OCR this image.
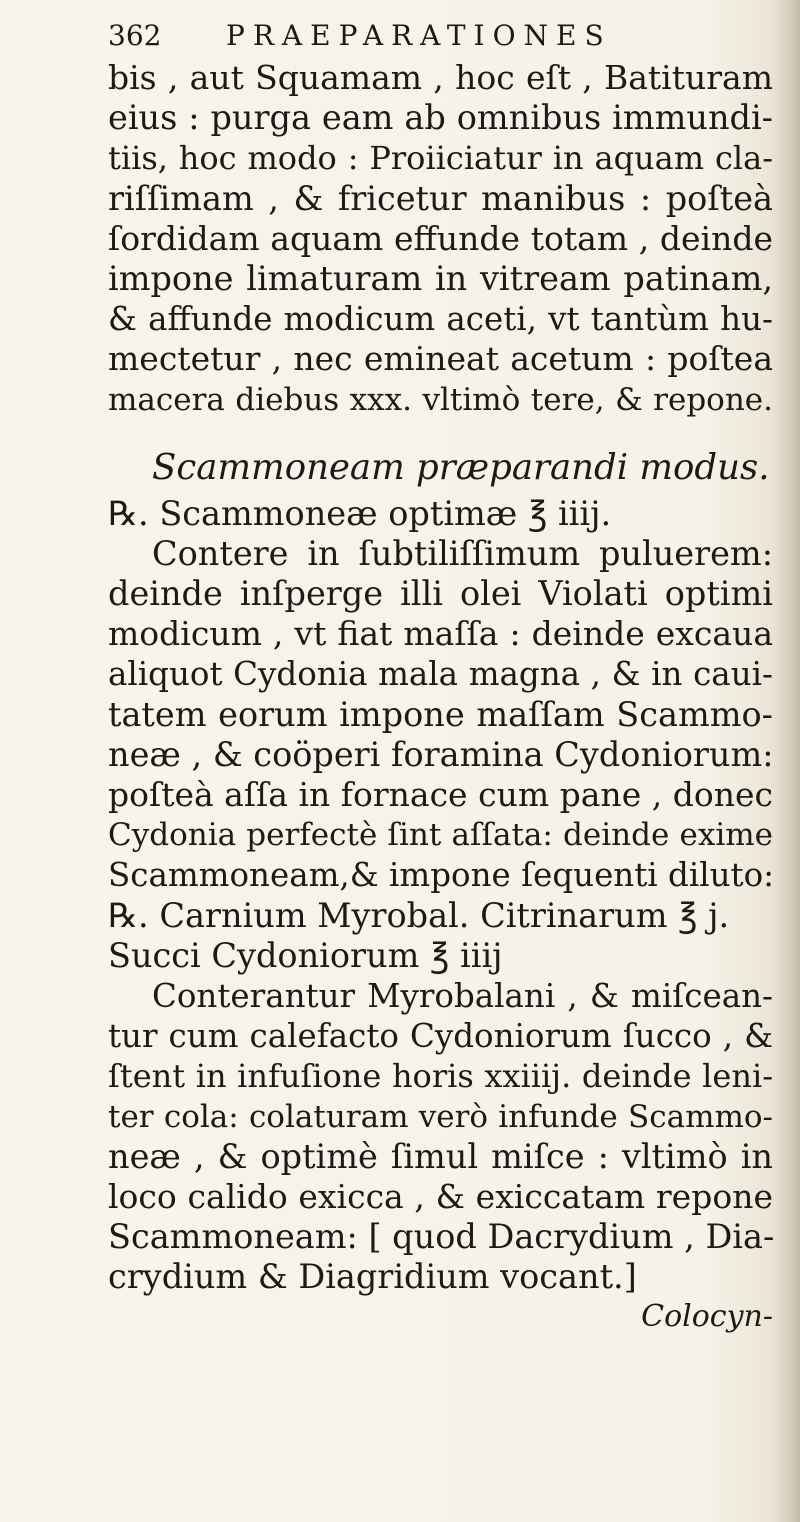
362	PRAEPARATIONES
bis , aut Squamam , hoc eſt , Batituram
eius : purga eam ab omnibus immundi-
tiis, hoc modo : Proiiciatur in aquam cla-
riſſimam , & fricetur manibus : poſteà
ſordidam aquam effunde totam , deinde
impone limaturam in vitream patinam,
& affunde modicum aceti, vt tantùm hu-
mectetur , nec emineat acetum : poſtea
macera diebus xxx. vltimò tere, & repone.
Scammoneam præparandi modus.
℞. Scammoneæ optimæ ℥ iiij.
Contere in ſubtiliſſimum puluerem:
deinde inſperge illi olei Violati optimi
modicum , vt fiat maſſa : deinde excaua
aliquot Cydonia mala magna , & in caui-
tatem eorum impone maſſam Scammo-
neæ , & coöperi foramina Cydoniorum:
poſteà aſſa in fornace cum pane , donec
Cydonia perfectè ſint aſſata: deinde exime
Scammoneam,& impone ſequenti diluto:
℞. Carnium Myrobal. Citrinarum ℥ j.
Succi Cydoniorum ℥ iiij
Conterantur Myrobalani , & miſcean-
tur cum calefacto Cydoniorum ſucco , &
ſtent in infuſione horis xxiiij. deinde leni-
ter cola: colaturam verò infunde Scammo-
neæ , & optimè ſimul miſce : vltimò in
loco calido exicca , & exiccatam repone
Scammoneam: [ quod Dacrydium , Dia-
crydium & Diagridium vocant.]
Colocyn-
